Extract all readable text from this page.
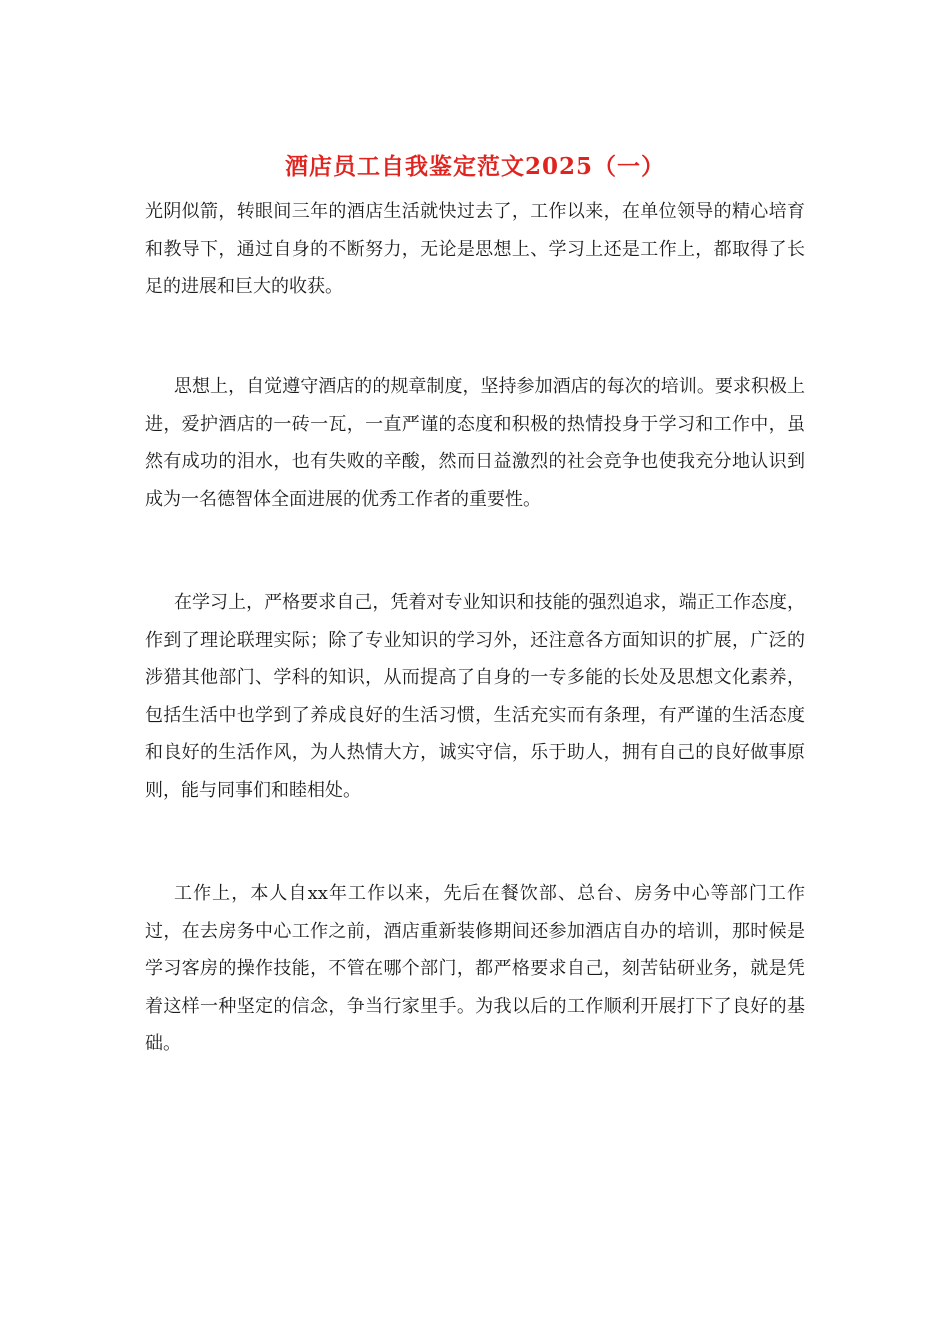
酒店员工自我鉴定范文2025（一）

光阴似箭，转眼间三年的酒店生活就快过去了，工作以来，在单位领导的精心培育和教导下，通过自身的不断努力，无论是思想上、学习上还是工作上，都取得了长足的进展和巨大的收获。

思想上，自觉遵守酒店的的规章制度，坚持参加酒店的每次的培训。要求积极上进，爱护酒店的一砖一瓦，一直严谨的态度和积极的热情投身于学习和工作中，虽然有成功的泪水，也有失败的辛酸，然而日益激烈的社会竞争也使我充分地认识到成为一名德智体全面进展的优秀工作者的重要性。

在学习上，严格要求自己，凭着对专业知识和技能的强烈追求，端正工作态度，作到了理论联理实际；除了专业知识的学习外，还注意各方面知识的扩展，广泛的涉猎其他部门、学科的知识，从而提高了自身的一专多能的长处及思想文化素养，包括生活中也学到了养成良好的生活习惯，生活充实而有条理，有严谨的生活态度和良好的生活作风，为人热情大方，诚实守信，乐于助人，拥有自己的良好做事原则，能与同事们和睦相处。

工作上，本人自xx年工作以来，先后在餐饮部、总台、房务中心等部门工作过，在去房务中心工作之前，酒店重新装修期间还参加酒店自办的培训，那时候是学习客房的操作技能，不管在哪个部门，都严格要求自己，刻苦钻研业务，就是凭着这样一种坚定的信念，争当行家里手。为我以后的工作顺利开展打下了良好的基础。
